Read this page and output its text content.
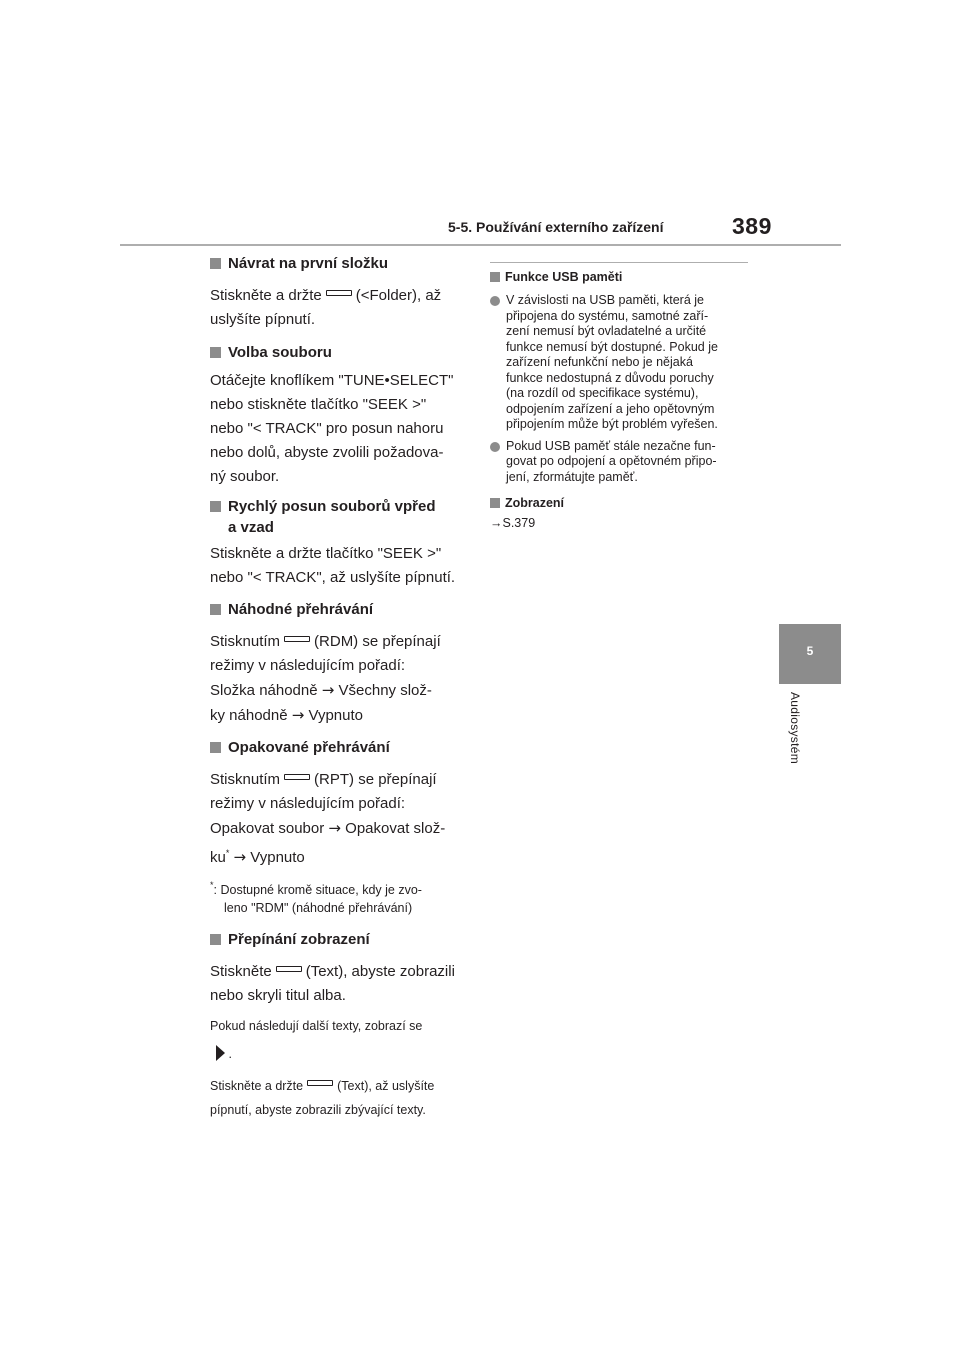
5-5. Používání externího zařízení	389
5
Audiosystém

Návrat na první složku

Stiskněte a držte (<Folder), až
uslyšíte pípnutí.

Volba souboru

Otáčejte knoflíkem "TUNE•SELECT"
nebo stiskněte tlačítko "SEEK >"
nebo "< TRACK" pro posun nahoru
nebo dolů, abyste zvolili požadova-
ný soubor.

Rychlý posun souborů vpřed
a vzad

Stiskněte a držte tlačítko "SEEK >"
nebo "< TRACK", až uslyšíte pípnutí.

Náhodné přehrávání

Stisknutím (RDM) se přepínají
režimy v následujícím pořadí:
Složka náhodně → Všechny slož-
ky náhodně → Vypnuto

Opakované přehrávání

Stisknutím (RPT) se přepínají
režimy v následujícím pořadí:
Opakovat soubor → Opakovat slož-
ku* → Vypnuto

*: Dostupné kromě situace, kdy je zvo-
leno "RDM" (náhodné přehrávání)

Přepínání zobrazení

Stiskněte (Text), abyste zobrazili
nebo skryli titul alba.

Pokud následují další texty, zobrazí se
.

Stiskněte a držte	(Text), až uslyšíte
pípnutí, abyste zobrazili zbývající texty.

Funkce USB paměti

V závislosti na USB paměti, která je
připojena do systému, samotné zaří-
zení nemusí být ovladatelné a určité
funkce nemusí být dostupné. Pokud je
zařízení nefunkční nebo je nějaká
funkce nedostupná z důvodu poruchy
(na rozdíl od specifikace systému),
odpojením zařízení a jeho opětovným
připojením může být problém vyřešen.

Pokud USB paměť stále nezačne fun-
govat po odpojení a opětovném připo-
jení, zformátujte paměť.

Zobrazení

→S.379
